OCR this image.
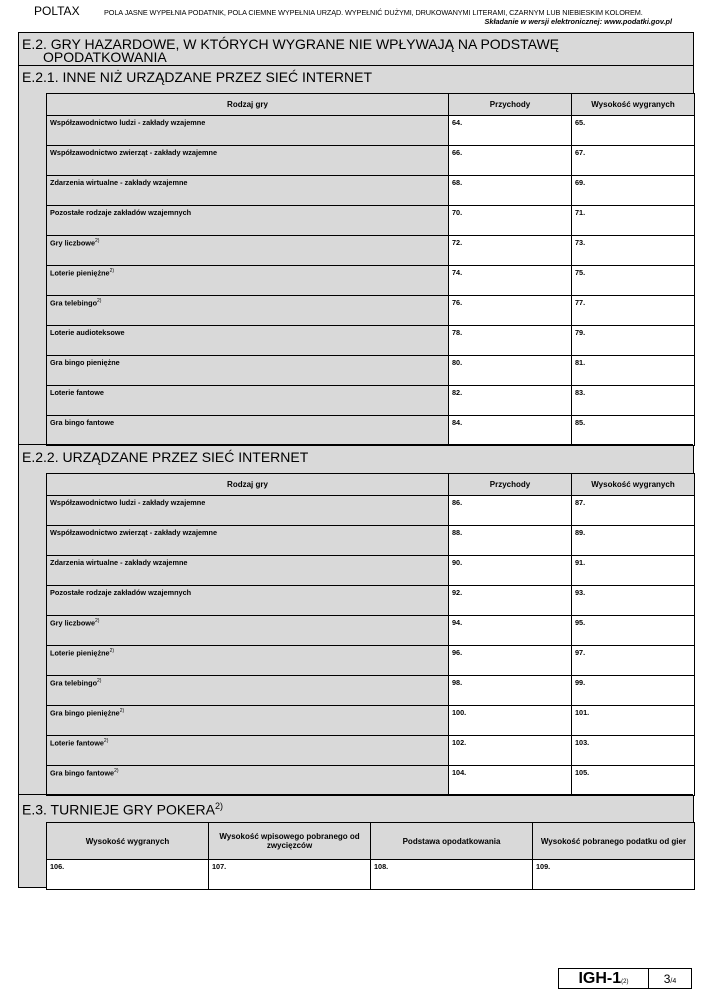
POLTAX	POLA JASNE WYPEŁNIA PODATNIK, POLA CIEMNE WYPEŁNIA URZĄD. WYPEŁNIĆ DUŻYMI, DRUKOWANYMI LITERAMI, CZARNYM LUB NIEBIESKIM KOLOREM.
Składanie w wersji elektronicznej: www.podatki.gov.pl
E.2. GRY HAZARDOWE, W KTÓRYCH WYGRANE NIE WPŁYWAJĄ NA PODSTAWĘ
OPODATKOWANIA
E.2.1. INNE NIŻ URZĄDZANE PRZEZ SIEĆ INTERNET
Rodzaj gry	Przychody	Wysokość wygranych
Współzawodnictwo ludzi - zakłady wzajemne	64.	65.
Współzawodnictwo zwierząt - zakłady wzajemne	66.	67.
Zdarzenia wirtualne - zakłady wzajemne	68.	69.
Pozostałe rodzaje zakładów wzajemnych	70.	71.
Gry liczbowe$^{2)}$	72.	73.
Loterie pieniężne$^{2)}$	74.	75.
Gra telebingo$^{2)}$	76.	77.
Loterie audioteksowe	78.	79.
Gra bingo pieniężne	80.	81.
Loterie fantowe	82.	83.
Gra bingo fantowe	84.	85.
E.2.2. URZĄDZANE PRZEZ SIEĆ INTERNET
Rodzaj gry	Przychody	Wysokość wygranych
Współzawodnictwo ludzi - zakłady wzajemne	86.	87.
Współzawodnictwo zwierząt - zakłady wzajemne	88.	89.
Zdarzenia wirtualne - zakłady wzajemne	90.	91.
Pozostałe rodzaje zakładów wzajemnych	92.	93.
Gry liczbowe$^{2)}$	94.	95.
Loterie pieniężne$^{2)}$	96.	97.
Gra telebingo$^{2)}$	98.	99.
Gra bingo pieniężne$^{2)}$	100.	101.
Loterie fantowe$^{2)}$	102.	103.
Gra bingo fantowe$^{2)}$	104.	105.
E.3. TURNIEJE GRY POKERA$^{2)}$
Wysokość wygranych	Wysokość wpisowego pobranego od zwycięzców	Podstawa opodatkowania	Wysokość pobranego podatku od gier
106.	107.	108.	109.
IGH-1(2)	3/4
